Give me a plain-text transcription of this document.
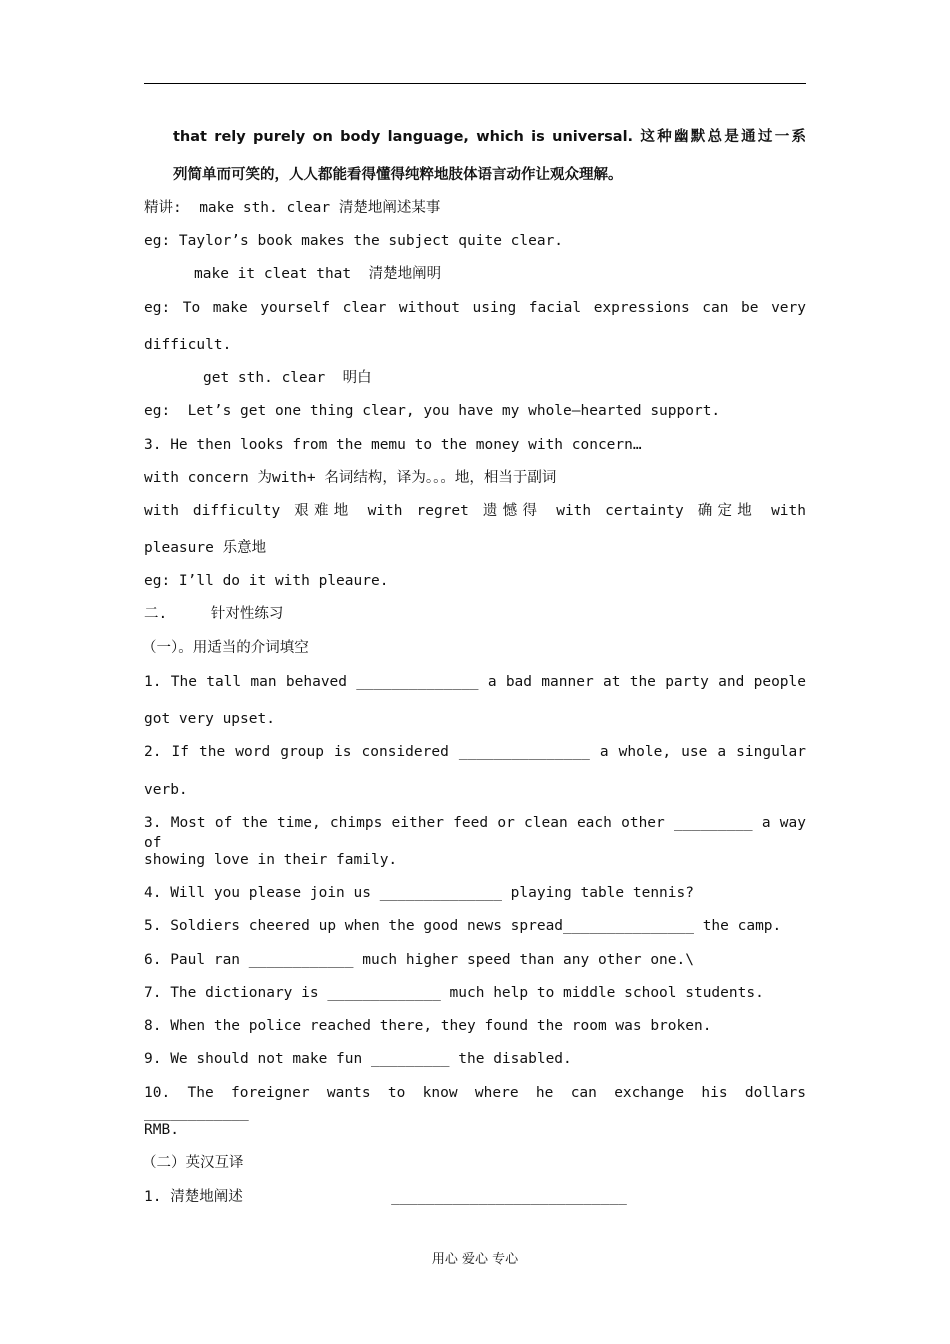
that rely purely on body language, which is universal. 这种幽默总是通过一系
列简单而可笑的，人人都能看得懂得纯粹地肢体语言动作让观众理解。
精讲:  make sth. clear 清楚地阐述某事
eg: Taylor’s book makes the subject quite clear.
make it cleat that  清楚地阐明
eg: To make yourself clear without using facial expressions can be very
difficult.
get sth. clear  明白
eg:  Let’s get one thing clear, you have my whole—hearted support.
3. He then looks from the memu to the money with concern…
with concern 为with+ 名词结构，译为。。。地，相当于副词
with difficulty 艰难地 with regret 遗憾得 with certainty 确定地 with
pleasure 乐意地
eg: I’ll do it with pleaure.
二.     针对性练习
（一）。用适当的介词填空
1. The tall man behaved ______________ a bad manner at the party and people
got very upset.
2. If the word group is considered _______________ a whole, use a singular
verb.
3. Most of the time, chimps either feed or clean each other _________ a way of
showing love in their family.
4. Will you please join us ______________ playing table tennis?
5. Soldiers cheered up when the good news spread_______________ the camp.
6. Paul ran ____________ much higher speed than any other one.\
7. The dictionary is _____________ much help to middle school students.
8. When the police reached there, they found the room was broken.
9. We should not make fun _________ the disabled.
10. The foreigner wants to know where he can exchange his dollars ____________
RMB.
（二）英汉互译
1. 清楚地阐述                 ___________________________
用心 爱心 专心
